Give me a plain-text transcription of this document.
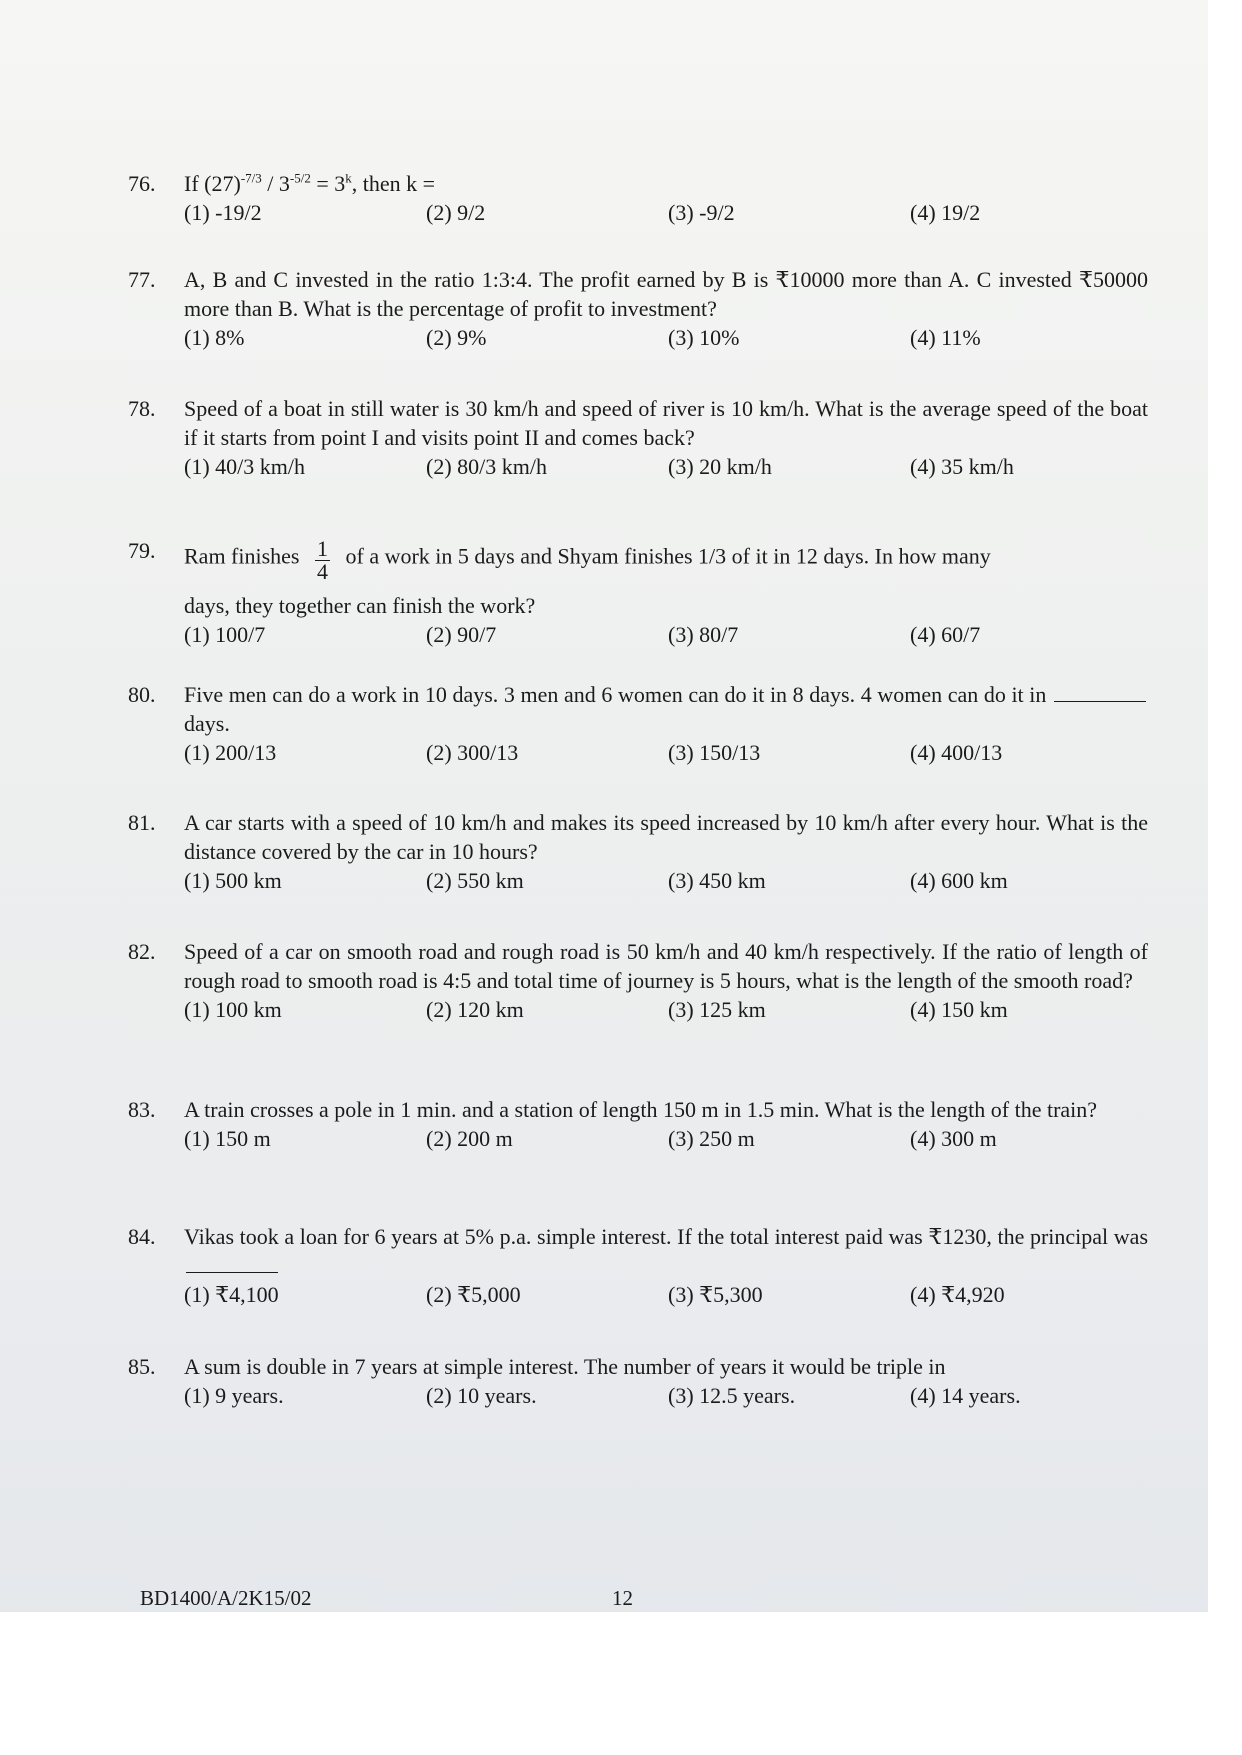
76. If $(27)^{-7/3} / 3^{-5/2} = 3^k$, then k =
(1) -19/2	(2) 9/2	(3) -9/2	(4) 19/2
77. A, B and C invested in the ratio 1:3:4. The profit earned by B is ₹10000 more than A. C invested ₹50000 more than B. What is the percentage of profit to investment?
(1) 8%	(2) 9%	(3) 10%	(4) 11%
78. Speed of a boat in still water is 30 km/h and speed of river is 10 km/h. What is the average speed of the boat if it starts from point I and visits point II and comes back?
(1) 40/3 km/h	(2) 80/3 km/h	(3) 20 km/h	(4) 35 km/h
79. Ram finishes $\frac{1}{4}$ of a work in 5 days and Shyam finishes 1/3 of it in 12 days. In how many
days, they together can finish the work?
(1) 100/7	(2) 90/7	(3) 80/7	(4) 60/7
80. Five men can do a work in 10 days. 3 men and 6 women can do it in 8 days. 4 women can do it in  days.
(1) 200/13	(2) 300/13	(3) 150/13	(4) 400/13
81. A car starts with a speed of 10 km/h and makes its speed increased by 10 km/h after every hour. What is the distance covered by the car in 10 hours?
(1) 500 km	(2) 550 km	(3) 450 km	(4) 600 km
82. Speed of a car on smooth road and rough road is 50 km/h and 40 km/h respectively. If the ratio of length of rough road to smooth road is 4:5 and total time of journey is 5 hours, what is the length of the smooth road?
(1) 100 km	(2) 120 km	(3) 125 km	(4) 150 km
83. A train crosses a pole in 1 min. and a station of length 150 m in 1.5 min. What is the length of the train?
(1) 150 m	(2) 200 m	(3) 250 m	(4) 300 m
84. Vikas took a loan for 6 years at 5% p.a. simple interest. If the total interest paid was ₹1230, the principal was
(1) ₹4,100	(2) ₹5,000	(3) ₹5,300	(4) ₹4,920
85. A sum is double in 7 years at simple interest. The number of years it would be triple in
(1) 9 years.	(2) 10 years.	(3) 12.5 years.	(4) 14 years.
BD1400/A/2K15/02	12
